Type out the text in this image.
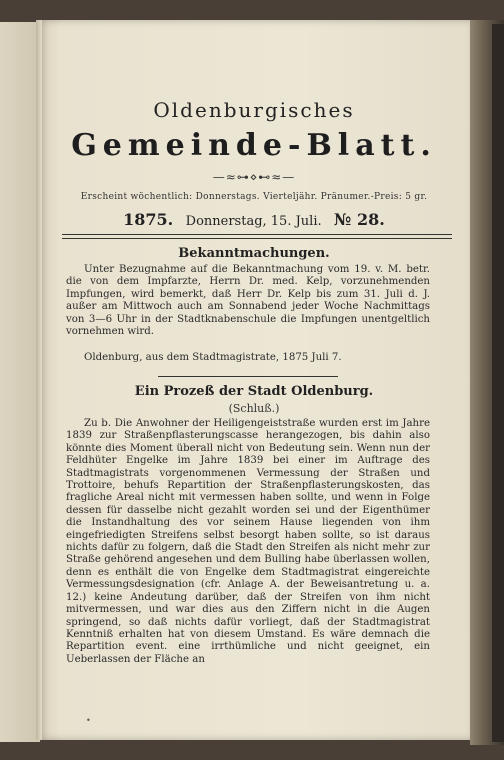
Oldenburgisches
Gemeinde-Blatt.
—≈⊶⋄⊷≈—
Erscheint wöchentlich: Donnerstags. Vierteljähr. Pränumer.-Preis: 5 gr.
1875. Donnerstag, 15. Juli. № 28.
Bekanntmachungen.
Unter Bezugnahme auf die Bekanntmachung vom 19. v. M. betr. die von dem Impfarzte, Herrn Dr. med. Kelp, vorzunehmenden Impfungen, wird bemerkt, daß Herr Dr. Kelp bis zum 31. Juli d. J. außer am Mittwoch auch am Sonnabend jeder Woche Nachmittags von 3—6 Uhr in der Stadtknabenschule die Impfungen unentgeltlich vornehmen wird.
Oldenburg, aus dem Stadtmagistrate, 1875 Juli 7.
Ein Prozeß der Stadt Oldenburg.
(Schluß.)
Zu b. Die Anwohner der Heiligengeiststraße wurden erst im Jahre 1839 zur Straßenpflasterungscasse herangezogen, bis dahin also könnte dies Moment überall nicht von Bedeutung sein. Wenn nun der Feldhüter Engelke im Jahre 1839 bei einer im Auftrage des Stadtmagistrats vorgenommenen Vermessung der Straßen und Trottoire, behufs Repartition der Straßenpflasterungskosten, das fragliche Areal nicht mit vermessen haben sollte, und wenn in Folge dessen für dasselbe nicht gezahlt worden sei und der Eigenthümer die Instandhaltung des vor seinem Hause liegenden von ihm eingefriedigten Streifens selbst besorgt haben sollte, so ist daraus nichts dafür zu folgern, daß die Stadt den Streifen als nicht mehr zur Straße gehörend angesehen und dem Bulling habe überlassen wollen, denn es enthält die von Engelke dem Stadtmagistrat eingereichte Vermessungsdesignation (cfr. Anlage A. der Beweisantretung u. a. 12.) keine Andeutung darüber, daß der Streifen von ihm nicht mitvermessen, und war dies aus den Ziffern nicht in die Augen springend, so daß nichts dafür vorliegt, daß der Stadtmagistrat Kenntniß erhalten hat von diesem Umstand. Es wäre demnach die Repartition event. eine irrthümliche und nicht geeignet, ein Ueberlassen der Fläche an
•
